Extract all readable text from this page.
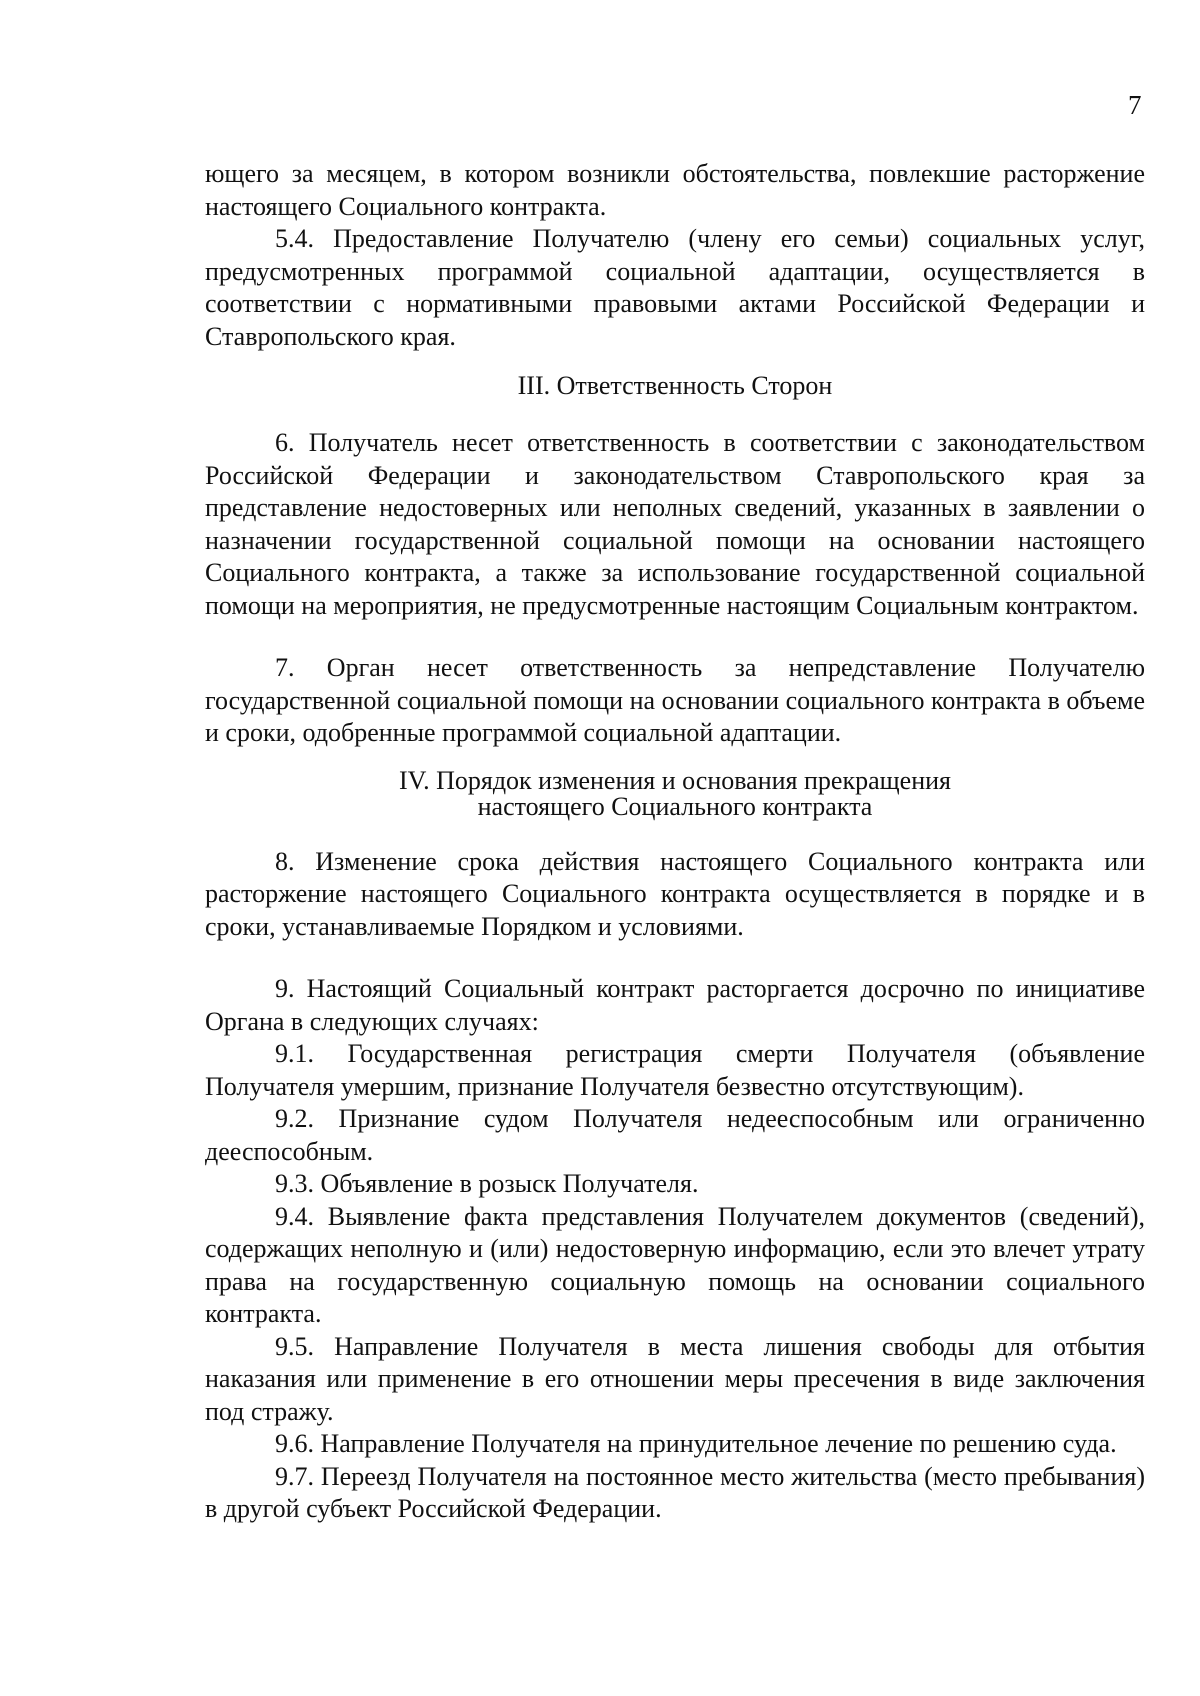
7

ющего за месяцем, в котором возникли обстоятельства, повлекшие расторжение настоящего Социального контракта.

5.4. Предоставление Получателю (члену его семьи) социальных услуг, предусмотренных программой социальной адаптации, осуществляется в соответствии с нормативными правовыми актами Российской Федерации и Ставропольского края.

III. Ответственность Сторон

6. Получатель несет ответственность в соответствии с законодательством Российской Федерации и законодательством Ставропольского края за представление недостоверных или неполных сведений, указанных в заявлении о назначении государственной социальной помощи на основании настоящего Социального контракта, а также за использование государственной социальной помощи на мероприятия, не предусмотренные настоящим Социальным контрактом.

7. Орган несет ответственность за непредставление Получателю государственной социальной помощи на основании социального контракта в объеме и сроки, одобренные программой социальной адаптации.

IV. Порядок изменения и основания прекращения

настоящего Социального контракта

8. Изменение срока действия настоящего Социального контракта или расторжение настоящего Социального контракта осуществляется в порядке и в сроки, устанавливаемые Порядком и условиями.

9. Настоящий Социальный контракт расторгается досрочно по инициативе Органа в следующих случаях:

9.1. Государственная регистрация смерти Получателя (объявление Получателя умершим, признание Получателя безвестно отсутствующим).

9.2. Признание судом Получателя недееспособным или ограниченно дееспособным.

9.3. Объявление в розыск Получателя.

9.4. Выявление факта представления Получателем документов (сведений), содержащих неполную и (или) недостоверную информацию, если это влечет утрату права на государственную социальную помощь на основании социального контракта.

9.5. Направление Получателя в места лишения свободы для отбытия наказания или применение в его отношении меры пресечения в виде заключения под стражу.

9.6. Направление Получателя на принудительное лечение по решению суда.

9.7. Переезд Получателя на постоянное место жительства (место пребывания) в другой субъект Российской Федерации.
